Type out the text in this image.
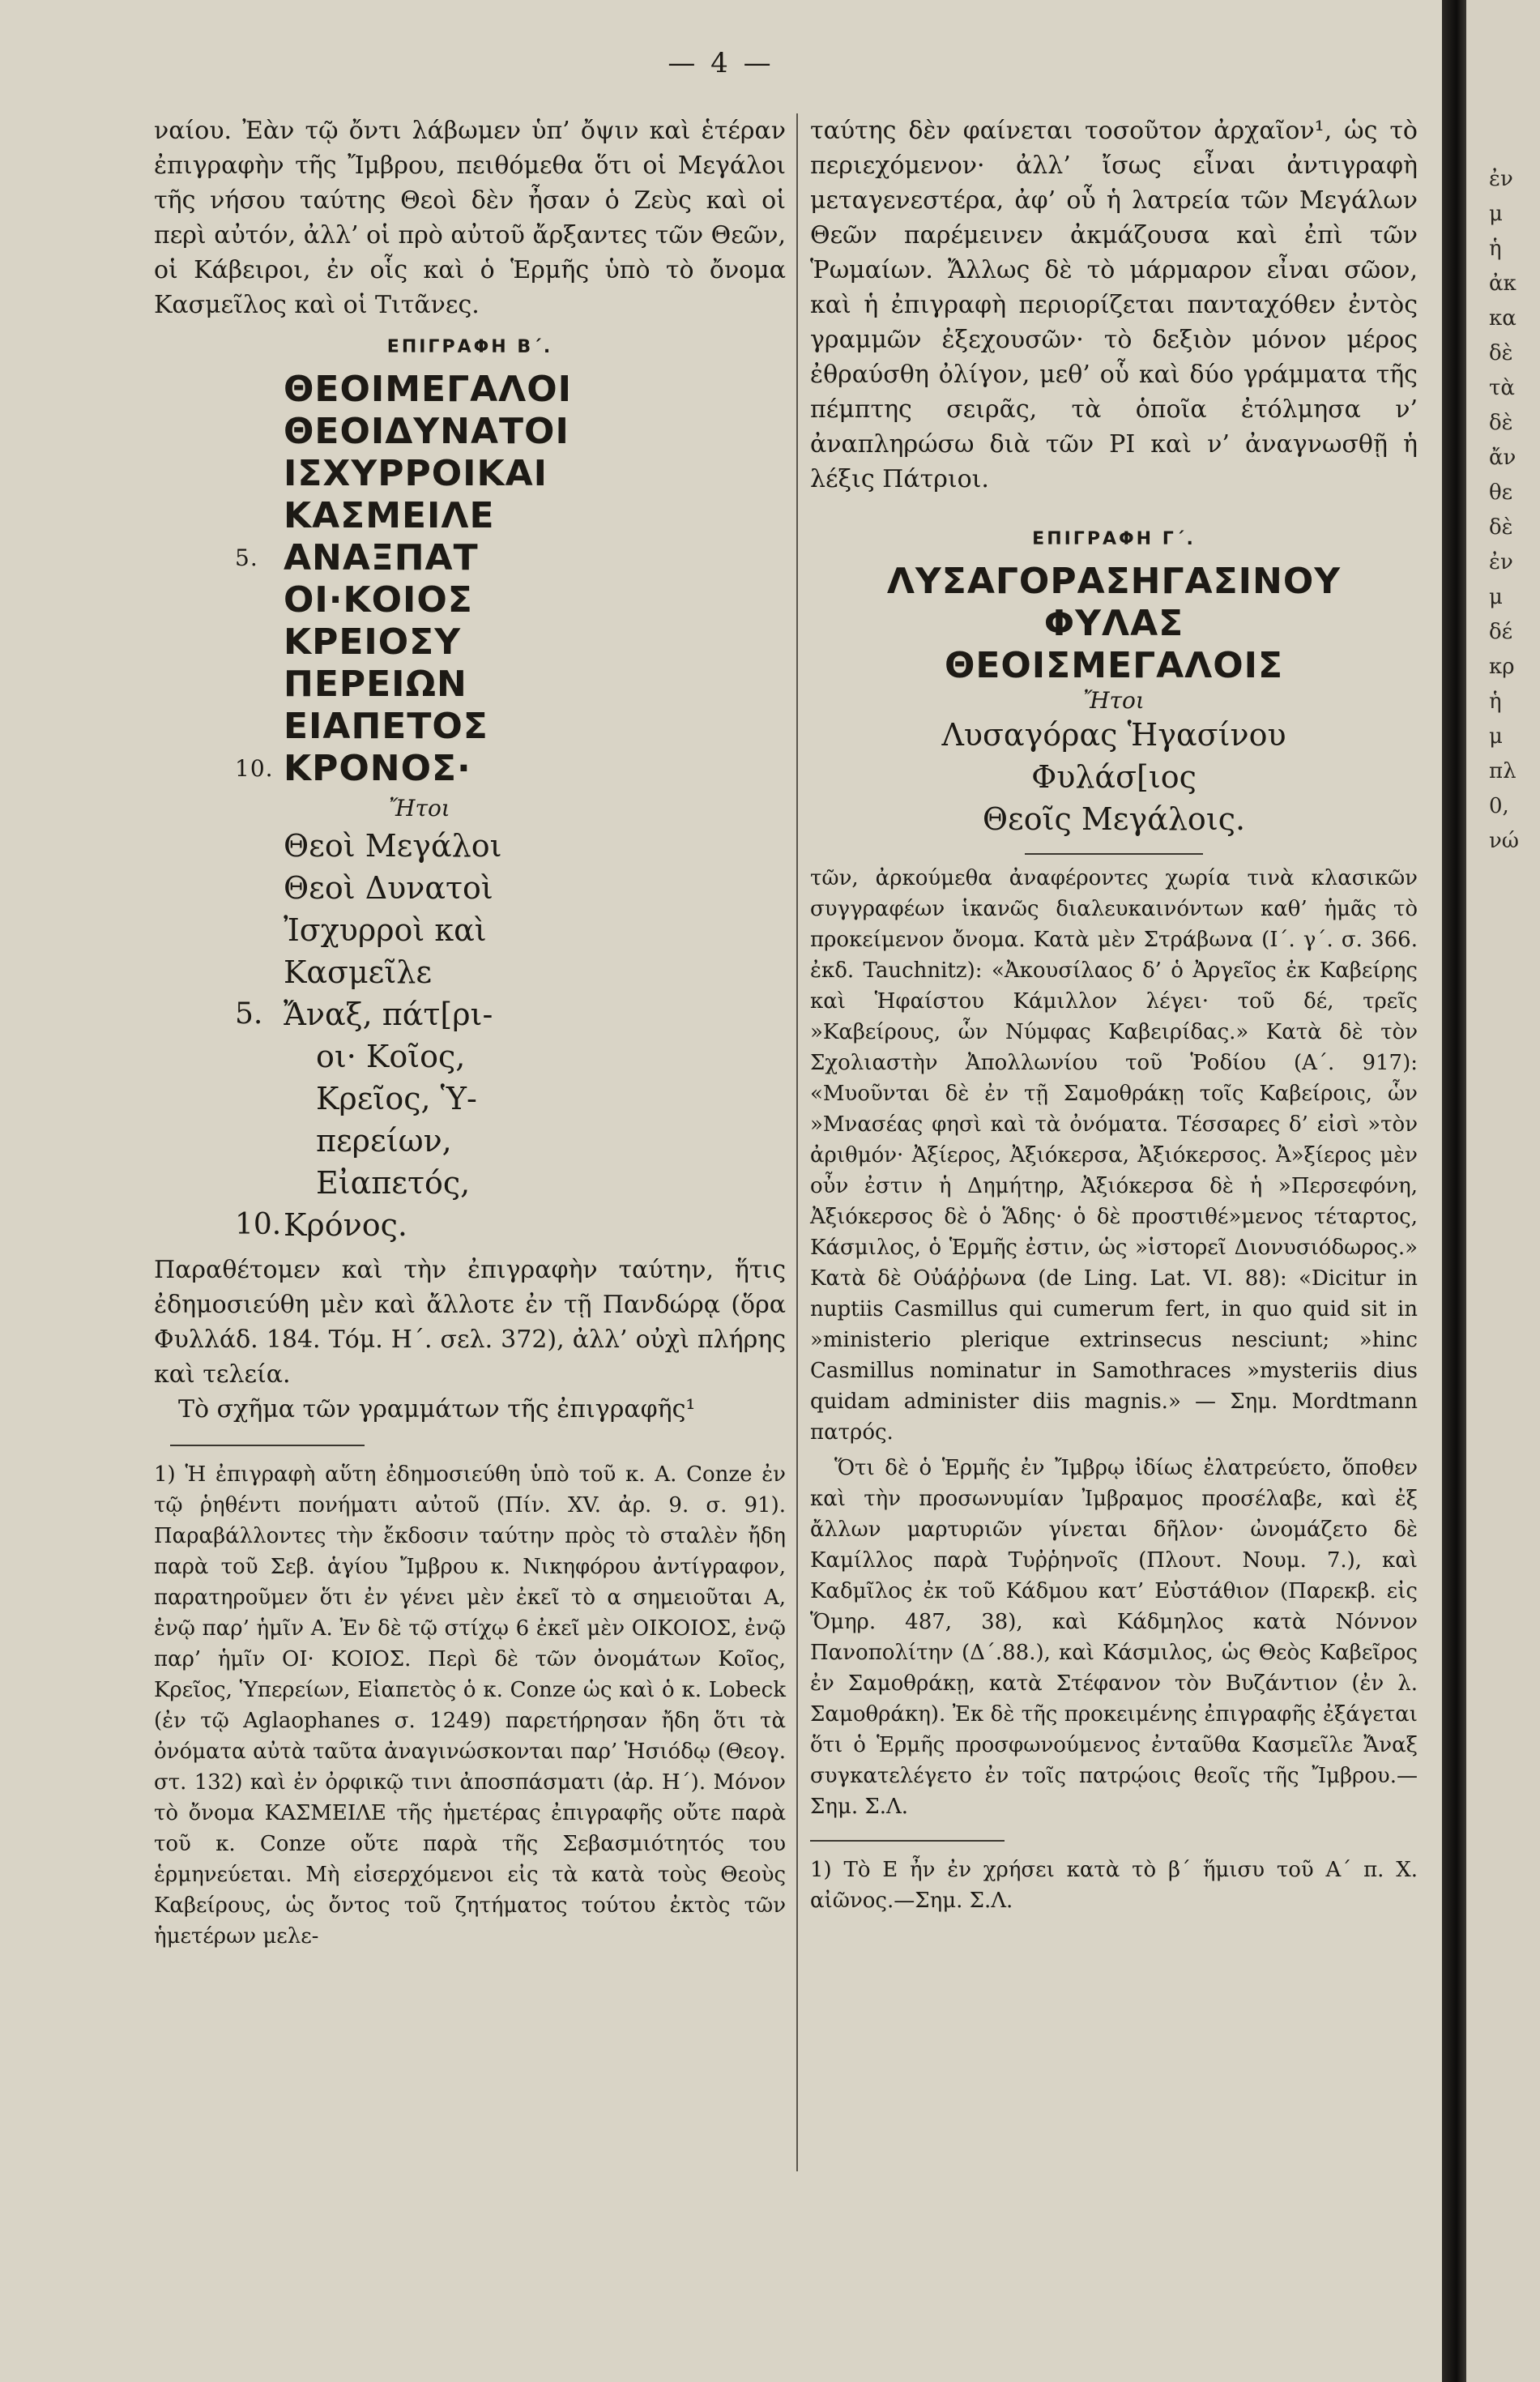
— 4 —

ναίου. Ἐὰν τῷ ὄντι λάβωμεν ὑπ’ ὄψιν καὶ ἑτέραν ἐπιγραφὴν τῆς Ἴμβρου, πειθόμεθα ὅτι οἱ Μεγάλοι τῆς νήσου ταύτης Θεοὶ δὲν ἦσαν ὁ Ζεὺς καὶ οἱ περὶ αὐτόν, ἀλλ’ οἱ πρὸ αὐτοῦ ἄρξαντες τῶν Θεῶν, οἱ Κάβειροι, ἐν οἷς καὶ ὁ Ἑρμῆς ὑπὸ τὸ ὄνομα Κασμεῖλος καὶ οἱ Τιτᾶνες.

ΕΠΙΓΡΑΦΗ Β΄.
ΘΕΟΙΜΕΓΑΛΟΙ
ΘΕΟΙΔΥΝΑΤΟΙ
ΙΣΧΥΡΡΟΙΚΑΙ
ΚΑΣΜΕΙΛΕ
5. ΑΝΑΞΠΑΤ
ΟΙ·ΚΟΙΟΣ
ΚΡΕΙΟΣΥ
ΠΕΡΕΙΩΝ
ΕΙΑΠΕΤΟΣ
10. ΚΡΟΝΟΣ·
Ἤτοι
Θεοὶ Μεγάλοι
Θεοὶ Δυνατοὶ
Ἰσχυρροὶ καὶ
Κασμεῖλε
5. Ἄναξ, πάτ[ρι-
οι· Κοῖος,
Κρεῖος, Ὑ-
περείων,
Εἰαπετός,
10. Κρόνος.

Παραθέτομεν καὶ τὴν ἐπιγραφὴν ταύτην, ἥτις ἐδημοσιεύθη μὲν καὶ ἄλλοτε ἐν τῇ Πανδώρᾳ (ὅρα Φυλλάδ. 184. Τόμ. Η΄. σελ. 372), ἀλλ’ οὐχὶ πλήρης καὶ τελεία.

Τὸ σχῆμα τῶν γραμμάτων τῆς ἐπιγραφῆς¹

1) Ἡ ἐπιγραφὴ αὕτη ἐδημοσιεύθη ὑπὸ τοῦ κ. A. Conze ἐν τῷ ῥηθέντι πονήματι αὐτοῦ (Πίν. XV. ἀρ. 9. σ. 91). Παραβάλλοντες τὴν ἔκδοσιν ταύτην πρὸς τὸ σταλὲν ἤδη παρὰ τοῦ Σεβ. ἁγίου Ἴμβρου κ. Νικηφόρου ἀντίγραφον, παρατηροῦμεν ὅτι ἐν γένει μὲν ἐκεῖ τὸ α σημειοῦται Α, ἐνῷ παρ’ ἡμῖν Α. Ἐν δὲ τῷ στίχῳ 6 ἐκεῖ μὲν ΟΙΚΟΙΟΣ, ἐνῷ παρ’ ἡμῖν ΟΙ· ΚΟΙΟΣ. Περὶ δὲ τῶν ὀνομάτων Κοῖος, Κρεῖος, Ὑπερείων, Εἰαπετὸς ὁ κ. Conze ὡς καὶ ὁ κ. Lobeck (ἐν τῷ Aglaophanes σ. 1249) παρετήρησαν ἤδη ὅτι τὰ ὀνόματα αὐτὰ ταῦτα ἀναγινώσκονται παρ’ Ἡσιόδῳ (Θεογ. στ. 132) καὶ ἐν ὀρφικῷ τινι ἀποσπάσματι (ἀρ. Η΄). Μόνον τὸ ὄνομα ΚΑΣΜΕΙΛΕ τῆς ἡμετέρας ἐπιγραφῆς οὔτε παρὰ τοῦ κ. Conze οὔτε παρὰ τῆς Σεβασμιότητός του ἑρμηνεύεται. Μὴ εἰσερχόμενοι εἰς τὰ κατὰ τοὺς Θεοὺς Καβείρους, ὡς ὄντος τοῦ ζητήματος τούτου ἐκτὸς τῶν ἡμετέρων μελε-

ταύτης δὲν φαίνεται τοσοῦτον ἀρχαῖον¹, ὡς τὸ περιεχόμενον· ἀλλ’ ἴσως εἶναι ἀντιγραφὴ μεταγενεστέρα, ἀφ’ οὗ ἡ λατρεία τῶν Μεγάλων Θεῶν παρέμεινεν ἀκμάζουσα καὶ ἐπὶ τῶν Ῥωμαίων. Ἄλλως δὲ τὸ μάρμαρον εἶναι σῶον, καὶ ἡ ἐπιγραφὴ περιορίζεται πανταχόθεν ἐντὸς γραμμῶν ἐξεχουσῶν· τὸ δεξιὸν μόνον μέρος ἐθραύσθη ὀλίγον, μεθ’ οὗ καὶ δύο γράμματα τῆς πέμπτης σειρᾶς, τὰ ὁποῖα ἐτόλμησα ν’ ἀναπληρώσω διὰ τῶν ΡΙ καὶ ν’ ἀναγνωσθῇ ἡ λέξις Πάτριοι.

ΕΠΙΓΡΑΦΗ Γ΄.
ΛΥΣΑΓΟΡΑΣΗΓΑΣΙΝΟΥ
ΦΥΛΑΣ
ΘΕΟΙΣΜΕΓΑΛΟΙΣ
Ἤτοι
Λυσαγόρας Ἡγασίνου
Φυλάσ[ιος
Θεοῖς Μεγάλοις.

τῶν, ἀρκούμεθα ἀναφέροντες χωρία τινὰ κλασικῶν συγγραφέων ἱκανῶς διαλευκαινόντων καθ’ ἡμᾶς τὸ προκείμενον ὄνομα. Κατὰ μὲν Στράβωνα (Ι΄. γ΄. σ. 366. ἐκδ. Tauchnitz): «Ἀκουσίλαος δ’ ὁ Ἀργεῖος ἐκ Καβείρης καὶ Ἡφαίστου Κάμιλλον λέγει· τοῦ δέ, τρεῖς »Καβείρους, ὧν Νύμφας Καβειρίδας.» Κατὰ δὲ τὸν Σχολιαστὴν Ἀπολλωνίου τοῦ Ῥοδίου (Α΄. 917): «Μυοῦνται δὲ ἐν τῇ Σαμοθράκῃ τοῖς Καβείροις, ὧν »Μνασέας φησὶ καὶ τὰ ὀνόματα. Τέσσαρες δ’ εἰσὶ »τὸν ἀριθμόν· Ἀξίερος, Ἀξιόκερσα, Ἀξιόκερσος. Ἀ»ξίερος μὲν οὖν ἐστιν ἡ Δημήτηρ, Ἀξιόκερσα δὲ ἡ »Περσεφόνη, Ἀξιόκερσος δὲ ὁ Ἅδης· ὁ δὲ προστιθέ»μενος τέταρτος, Κάσμιλος, ὁ Ἑρμῆς ἐστιν, ὡς »ἱστορεῖ Διονυσιόδωρος.» Κατὰ δὲ Οὐάῤῥωνα (de Ling. Lat. VI. 88): «Dicitur in nuptiis Casmillus qui cumerum fert, in quo quid sit in »ministerio plerique extrinsecus nesciunt; »hinc Casmillus nominatur in Samothraces »mysteriis dius quidam administer diis magnis.» — Σημ. Mordtmann πατρός.

Ὅτι δὲ ὁ Ἑρμῆς ἐν Ἴμβρῳ ἰδίως ἐλατρεύετο, ὅποθεν καὶ τὴν προσωνυμίαν Ἰμβραμος προσέλαβε, καὶ ἐξ ἄλλων μαρτυριῶν γίνεται δῆλον· ὠνομάζετο δὲ Καμίλλος παρὰ Τυῤῥηνοῖς (Πλουτ. Νουμ. 7.), καὶ Καδμῖλος ἐκ τοῦ Κάδμου κατ’ Εὐστάθιον (Παρεκβ. εἰς Ὅμηρ. 487, 38), καὶ Κάδμηλος κατὰ Νόννον Πανοπολίτην (Δ΄.88.), καὶ Κάσμιλος, ὡς Θεὸς Καβεῖρος ἐν Σαμοθράκῃ, κατὰ Στέφανον τὸν Βυζάντιον (ἐν λ. Σαμοθράκη). Ἐκ δὲ τῆς προκειμένης ἐπιγραφῆς ἐξάγεται ὅτι ὁ Ἑρμῆς προσφωνούμενος ἐνταῦθα Κασμεῖλε Ἄναξ συγκατελέγετο ἐν τοῖς πατρῴοις θεοῖς τῆς Ἴμβρου.— Σημ. Σ.Λ.

1) Τὸ Ε ἦν ἐν χρήσει κατὰ τὸ β΄ ἥμισυ τοῦ Α΄ π. Χ. αἰῶνος.—Σημ. Σ.Λ.

ἐν
μ
ἡ
ἀκ
κα
δὲ
τὰ
δὲ
ἄν
θε
δὲ
ἐν
μ
δέ
κρ
ἡ
μ
πλ
0,
νώ
